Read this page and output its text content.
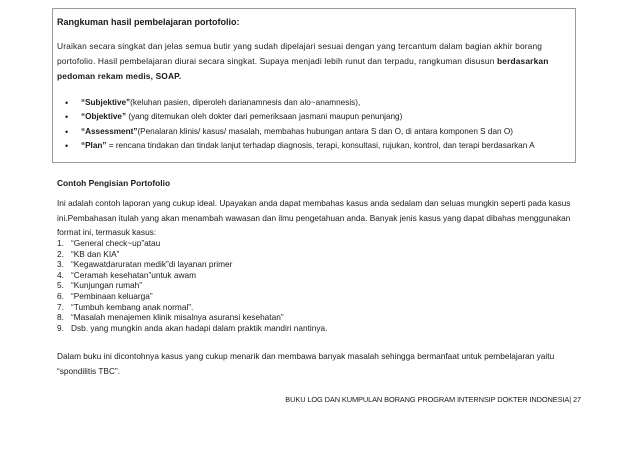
Rangkuman hasil pembelajaran portofolio:
Uraikan secara singkat dan jelas semua butir yang sudah dipelajari sesuai dengan yang tercantum dalam bagian akhir borang portofolio. Hasil pembelajaran diurai secara singkat. Supaya menjadi lebih runut dan terpadu, rangkuman disusun berdasarkan pedoman rekam medis, SOAP.
• “Subjektive”(keluhan pasien, diperoleh darianamnesis dan alo~anamnesis),
• “Objektive” (yang ditemukan oleh dokter dari pemeriksaan jasmani maupun penunjang)
• “Assessment”(Penalaran klinis/ kasus/ masalah, membahas hubungan antara S dan O, di antara komponen S dan O)
• “Plan” = rencana tindakan dan tindak lanjut terhadap diagnosis, terapi, konsultasi, rujukan, kontrol, dan terapi berdasarkan A
Contoh Pengisian Portofolio
Ini adalah contoh laporan yang cukup ideal. Upayakan anda dapat membahas kasus anda sedalam dan seluas mungkin seperti pada kasus ini.Pembahasan itulah yang akan menambah wawasan dan ilmu pengetahuan anda. Banyak jenis kasus yang dapat dibahas menggunakan format ini, termasuk kasus:
1. “General check~up”atau
2. “KB dan KIA”
3. “Kegawatdaruratan medik”di layanan primer
4. “Ceramah kesehatan”untuk awam
5. “Kunjungan rumah”
6. “Pembinaan keluarga”
7. “Tumbuh kembang anak normal”.
8. “Masalah menajemen klinik misalnya asuransi kesehatan”
9. Dsb. yang mungkin anda akan hadapi dalam praktik mandiri nantinya.
Dalam buku ini dicontohnya kasus yang cukup menarik dan membawa banyak masalah sehingga bermanfaat untuk pembelajaran yaitu “spondilitis TBC”.
BUKU LOG DAN KUMPULAN BORANG PROGRAM INTERNSIP DOKTER INDONESIA| 27
